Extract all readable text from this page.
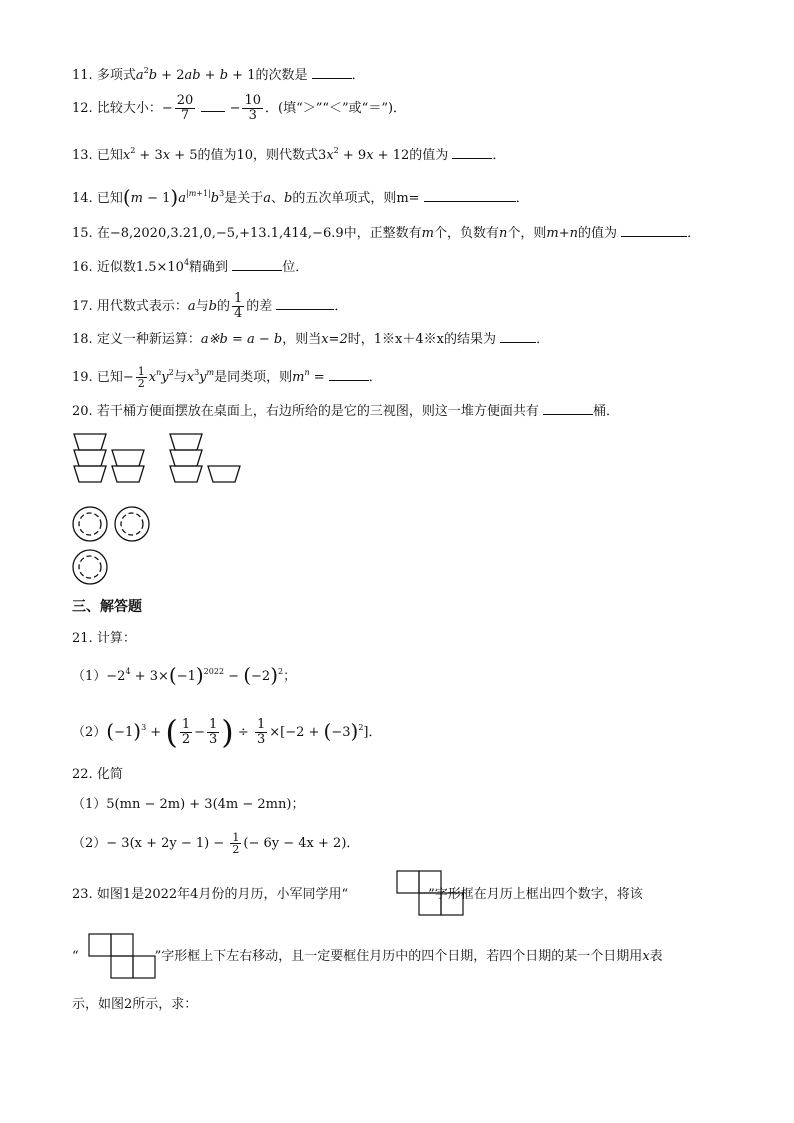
11. 多项式$a^2b + 2ab + b + 1$的次数是	．
12. 比较大小：− $\frac{20}{7} - \frac{10}{3}$ ．(填“＞”“＜”或“＝”)．
13. 已知$x^2 + 3x + 5$的值为10，则代数式$3x^2 + 9x + 12$的值为	．
14. 已知$(m - 1)a^{|m+1|}b^3$是关于a、b的五次单项式，则m=	．
15. 在−8,2020,3.21,0,−5,+13.1,414,−6.9中，正整数有m个，负数有n个，则m+n的值为	．
16. 近似数$1.5\times 10^4$精确到	位．
17. 用代数式表示：a与b的 $\frac{1}{4}$ 的差	．
18. 定义一种新运算：a※b = a − b，则当x=2时，1※x＋4※x的结果为	．
19. 已知− $\frac{1}{2} x^ny^2$与$x^3y^m$是同类项，则$m^n$ =	．
20. 若干桶方便面摆放在桌面上，右边所给的是它的三视图，则这一堆方便面共有	桶．
三、解答题
21. 计算：
$(1)-2^4 + 3\times(-1)^{2022} - (-2)^2$；
$(2)(-1)^3$ + ( $\frac{1}{2} - \frac{1}{3}$ ) ÷ $\frac{1}{3} \times[-2 + (-3)^2]$．
22. 化简
（1）5(mn − 2m) + 3(4m − 2mn)；
$(2)- 3(x + 2y - 1) - \frac{1}{2}$ (− 6y − 4x + 2)．
23. 如图1是2022年4月份的月历，小军同学用“	”字形框在月历上框出四个数字，将该
“	”字形框上下左右移动，且一定要框住月历中的四个日期，若四个日期的某一个日期用x表
示，如图2所示，求：
